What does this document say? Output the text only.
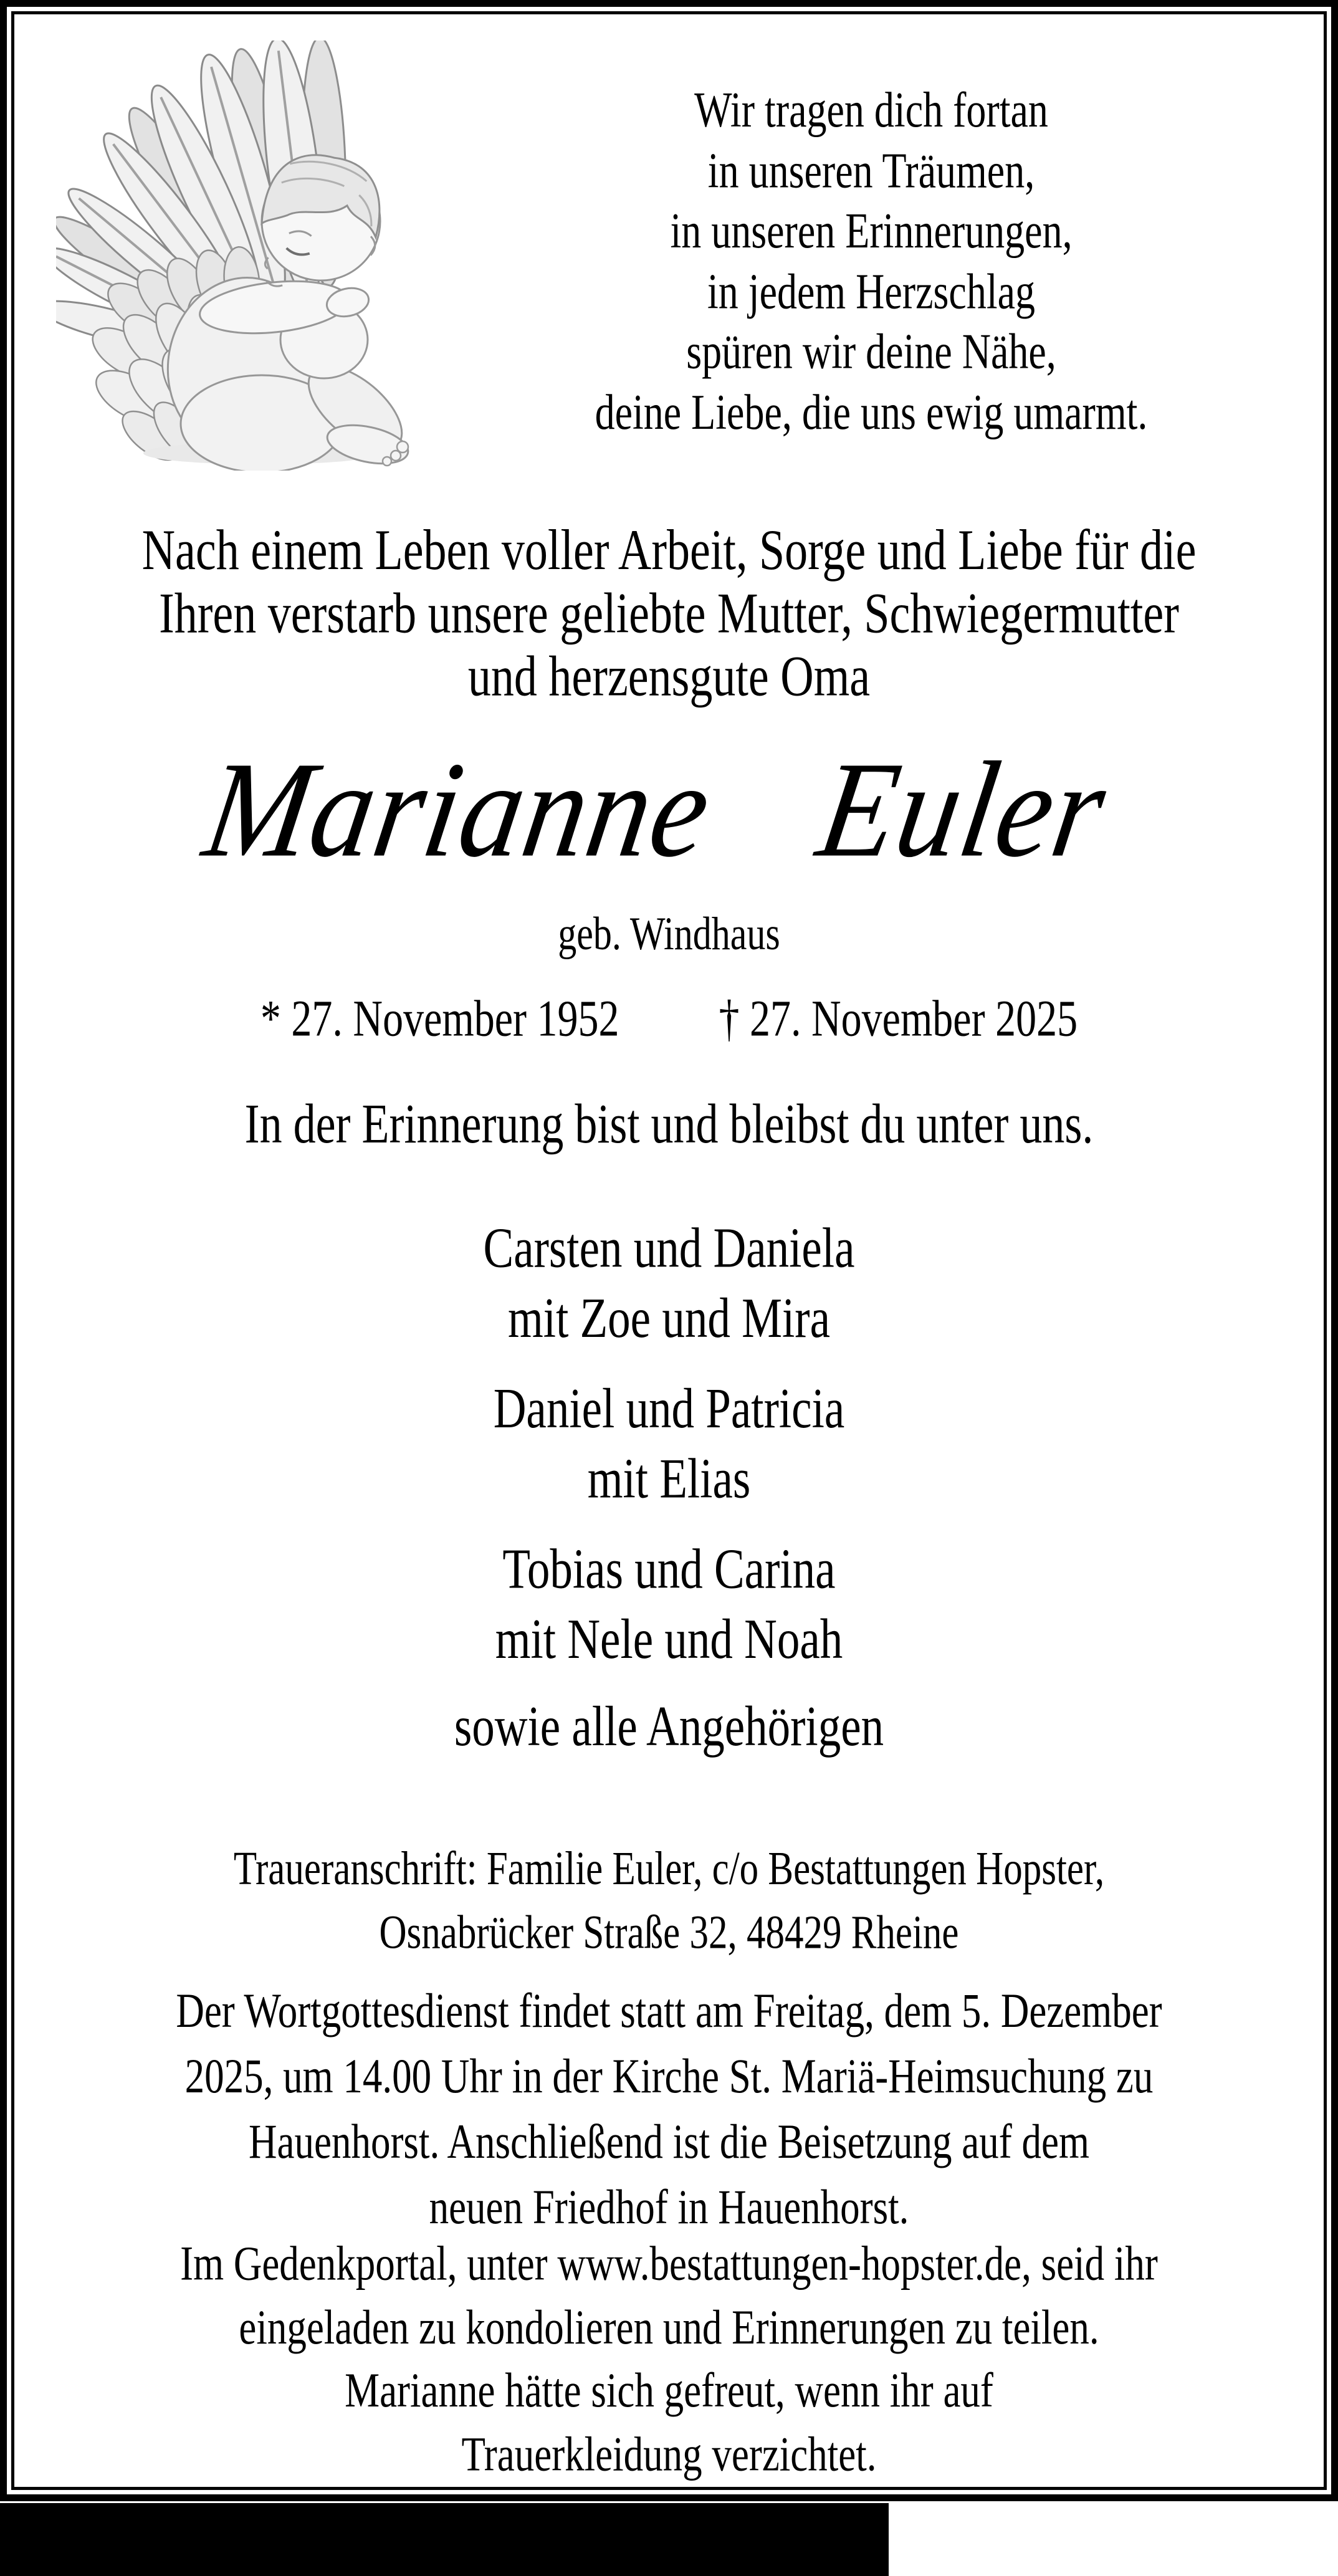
Wir tragen dich fortan
in unseren Träumen,
in unseren Erinnerungen,
in jedem Herzschlag
spüren wir deine Nähe,
deine Liebe, die uns ewig umarmt.
Nach einem Leben voller Arbeit, Sorge und Liebe für die
Ihren verstarb unsere geliebte Mutter, Schwiegermutter
und herzensgute Oma
Marianne Euler
geb. Windhaus
* 27. November 1952 † 27. November 2025
In der Erinnerung bist und bleibst du unter uns.
Carsten und Daniela
mit Zoe und Mira
Daniel und Patricia
mit Elias
Tobias und Carina
mit Nele und Noah
sowie alle Angehörigen
Traueranschrift: Familie Euler, c/o Bestattungen Hopster,
Osnabrücker Straße 32, 48429 Rheine
Der Wortgottesdienst findet statt am Freitag, dem 5. Dezember
2025, um 14.00 Uhr in der Kirche St. Mariä-Heimsuchung zu
Hauenhorst. Anschließend ist die Beisetzung auf dem
neuen Friedhof in Hauenhorst.
Im Gedenkportal, unter www.bestattungen-hopster.de, seid ihr
eingeladen zu kondolieren und Erinnerungen zu teilen.
Marianne hätte sich gefreut, wenn ihr auf
Trauerkleidung verzichtet.
